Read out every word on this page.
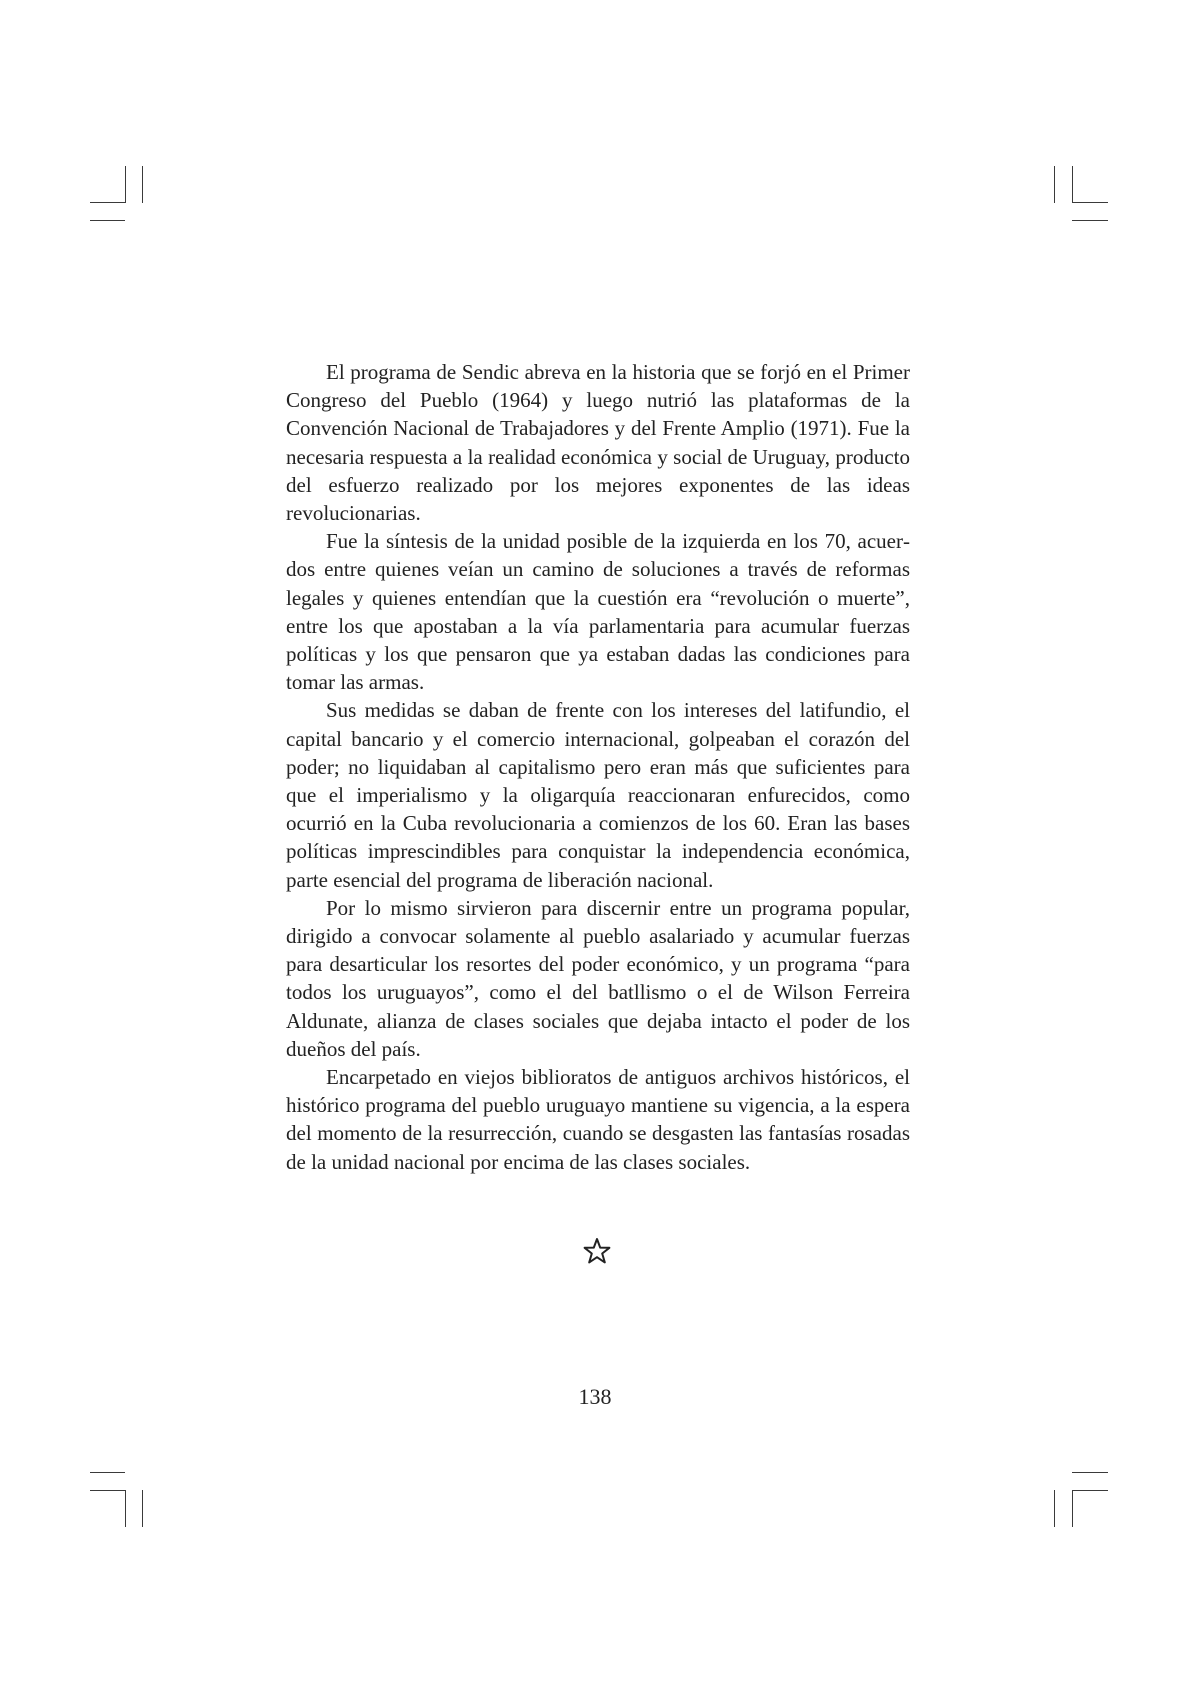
El programa de Sendic abreva en la historia que se forjó en el Primer Congreso del Pueblo (1964) y luego nutrió las plataformas de la Convención Nacional de Trabajadores y del Frente Amplio (1971). Fue la necesaria respuesta a la realidad económica y social de Uruguay, producto del esfuerzo realizado por los mejores exponentes de las ideas revolucionarias.

Fue la síntesis de la unidad posible de la izquierda en los 70, acuerdos entre quienes veían un camino de soluciones a través de reformas legales y quienes entendían que la cuestión era “revolución o muerte”, entre los que apostaban a la vía parlamentaria para acumular fuerzas políticas y los que pensaron que ya estaban dadas las condiciones para tomar las armas.

Sus medidas se daban de frente con los intereses del latifundio, el capital bancario y el comercio internacional, golpeaban el corazón del poder; no liquidaban al capitalismo pero eran más que suficientes para que el imperialismo y la oligarquía reaccionaran enfurecidos, como ocurrió en la Cuba revolucionaria a comienzos de los 60. Eran las bases políticas imprescindibles para conquistar la independencia económica, parte esencial del programa de liberación nacional.

Por lo mismo sirvieron para discernir entre un programa popular, dirigido a convocar solamente al pueblo asalariado y acumular fuerzas para desarticular los resortes del poder económico, y un programa “para todos los uruguayos”, como el del batllismo o el de Wilson Ferreira Aldunate, alianza de clases sociales que dejaba intacto el poder de los dueños del país.

Encarpetado en viejos biblioratos de antiguos archivos históricos, el histórico programa del pueblo uruguayo mantiene su vigencia, a la espera del momento de la resurrección, cuando se desgasten las fantasías rosadas de la unidad nacional por encima de las clases sociales.

138
